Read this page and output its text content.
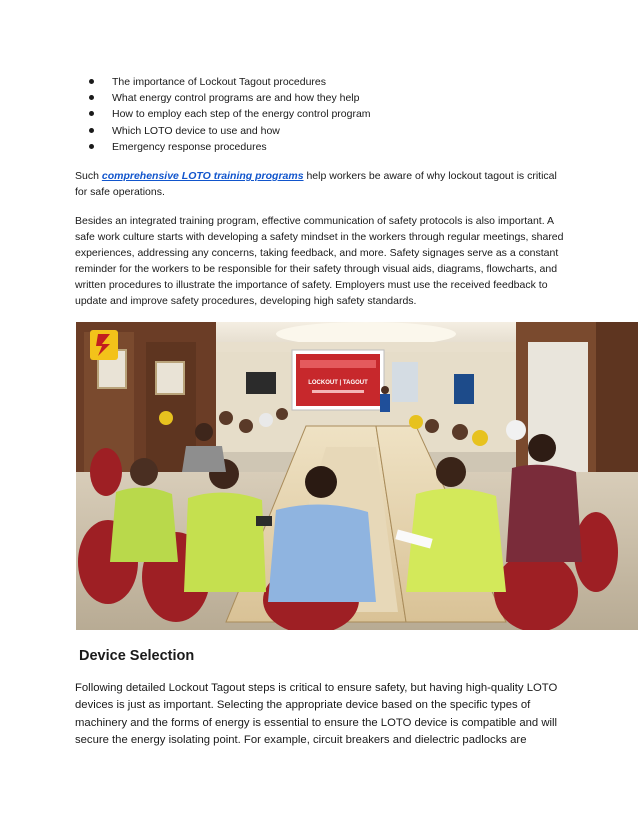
The importance of Lockout Tagout procedures
What energy control programs are and how they help
How to employ each step of the energy control program
Which LOTO device to use and how
Emergency response procedures

Such comprehensive LOTO training programs help workers be aware of why lockout tagout is critical for safe operations.

Besides an integrated training program, effective communication of safety protocols is also important. A safe work culture starts with developing a safety mindset in the workers through regular meetings, shared experiences, addressing any concerns, taking feedback, and more. Safety signages serve as a constant reminder for the workers to be responsible for their safety through visual aids, diagrams, flowcharts, and written procedures to illustrate the importance of safety. Employers must use the received feedback to update and improve safety procedures, developing high safety standards.

LOCKOUT | TAGOUT
Device Selection

Following detailed Lockout Tagout steps is critical to ensure safety, but having high-quality LOTO devices is just as important. Selecting the appropriate device based on the specific types of machinery and the forms of energy is essential to ensure the LOTO device is compatible and will secure the energy isolating point. For example, circuit breakers and dielectric padlocks are
